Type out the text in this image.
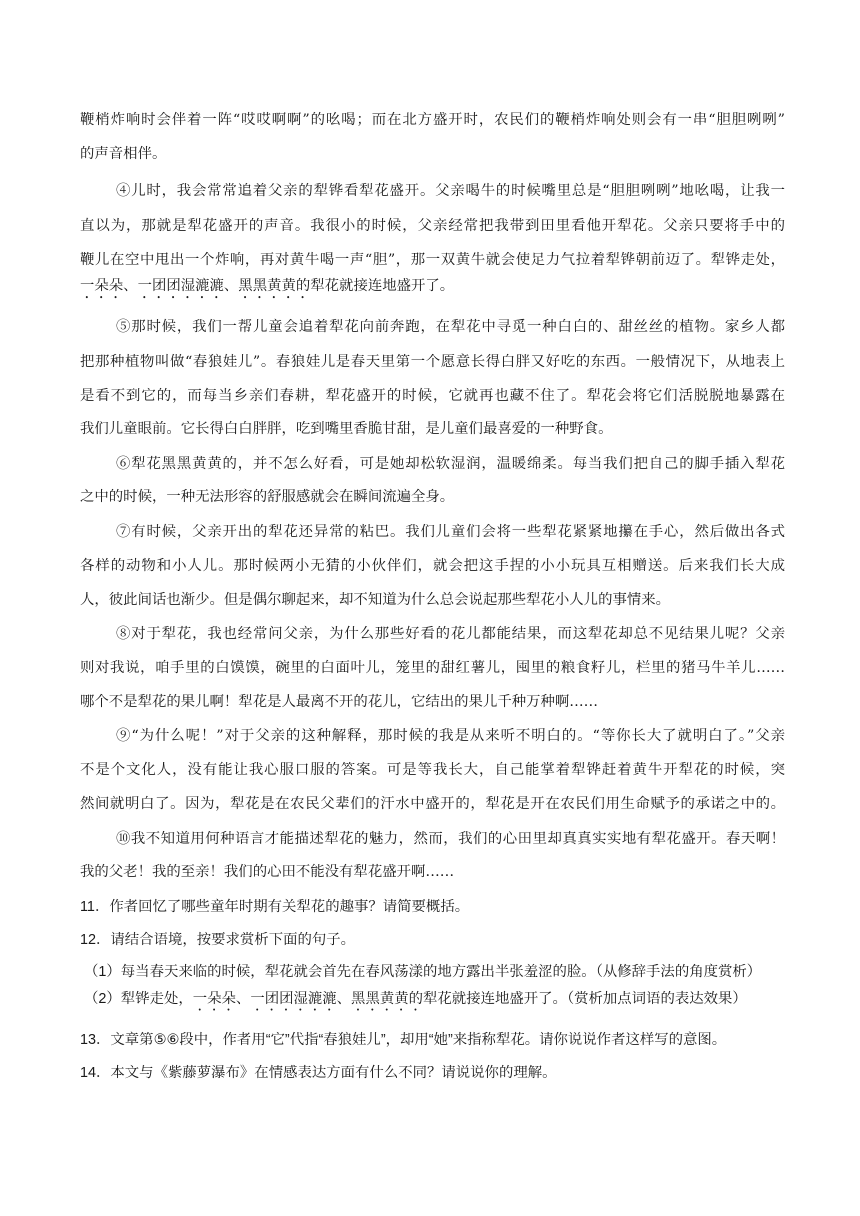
鞭梢炸响时会伴着一阵“哎哎啊啊”的吆喝；而在北方盛开时，农民们的鞭梢炸响处则会有一串“胆胆咧咧”
的声音相伴。
④儿时，我会常常追着父亲的犁铧看犁花盛开。父亲喝牛的时候嘴里总是“胆胆咧咧”地吆喝，让我一
直以为，那就是犁花盛开的声音。我很小的时候，父亲经常把我带到田里看他开犁花。父亲只要将手中的
鞭儿在空中甩出一个炸响，再对黄牛喝一声“胆”，那一双黄牛就会使足力气拉着犁铧朝前迈了。犁铧走处，
一朵朵、一团团湿漉漉、黑黑黄黄的犁花就接连地盛开了。
⑤那时候，我们一帮儿童会追着犁花向前奔跑，在犁花中寻觅一种白白的、甜丝丝的植物。家乡人都
把那种植物叫做“春狼娃儿”。春狼娃儿是春天里第一个愿意长得白胖又好吃的东西。一般情况下，从地表上
是看不到它的，而每当乡亲们春耕，犁花盛开的时候，它就再也藏不住了。犁花会将它们活脱脱地暴露在
我们儿童眼前。它长得白白胖胖，吃到嘴里香脆甘甜，是儿童们最喜爱的一种野食。
⑥犁花黑黑黄黄的，并不怎么好看，可是她却松软湿润，温暖绵柔。每当我们把自己的脚手插入犁花
之中的时候，一种无法形容的舒服感就会在瞬间流遍全身。
⑦有时候，父亲开出的犁花还异常的粘巴。我们儿童们会将一些犁花紧紧地攥在手心，然后做出各式
各样的动物和小人儿。那时候两小无猜的小伙伴们，就会把这手捏的小小玩具互相赠送。后来我们长大成
人，彼此间话也渐少。但是偶尔聊起来，却不知道为什么总会说起那些犁花小人儿的事情来。
⑧对于犁花，我也经常问父亲，为什么那些好看的花儿都能结果，而这犁花却总不见结果儿呢？父亲
则对我说，咱手里的白馍馍，碗里的白面叶儿，笼里的甜红薯儿，囤里的粮食籽儿，栏里的猪马牛羊儿……
哪个不是犁花的果儿啊！犁花是人最离不开的花儿，它结出的果儿千种万种啊……
⑨“为什么呢！”对于父亲的这种解释，那时候的我是从来听不明白的。“等你长大了就明白了。”父亲
不是个文化人，没有能让我心服口服的答案。可是等我长大，自己能掌着犁铧赶着黄牛开犁花的时候，突
然间就明白了。因为，犁花是在农民父辈们的汗水中盛开的，犁花是开在农民们用生命赋予的承诺之中的。
⑩我不知道用何种语言才能描述犁花的魅力，然而，我们的心田里却真真实实地有犁花盛开。春天啊！
我的父老！我的至亲！我们的心田不能没有犁花盛开啊……
11．作者回忆了哪些童年时期有关犁花的趣事？请简要概括。
12．请结合语境，按要求赏析下面的句子。
（1）每当春天来临的时候，犁花就会首先在春风荡漾的地方露出半张羞涩的脸。（从修辞手法的角度赏析）
（2）犁铧走处，一朵朵、一团团湿漉漉、黑黑黄黄的犁花就接连地盛开了。（赏析加点词语的表达效果）
13．文章第⑤⑥段中，作者用“它”代指“春狼娃儿”，却用“她”来指称犁花。请你说说作者这样写的意图。
14．本文与《紫藤萝瀑布》在情感表达方面有什么不同？请说说你的理解。
